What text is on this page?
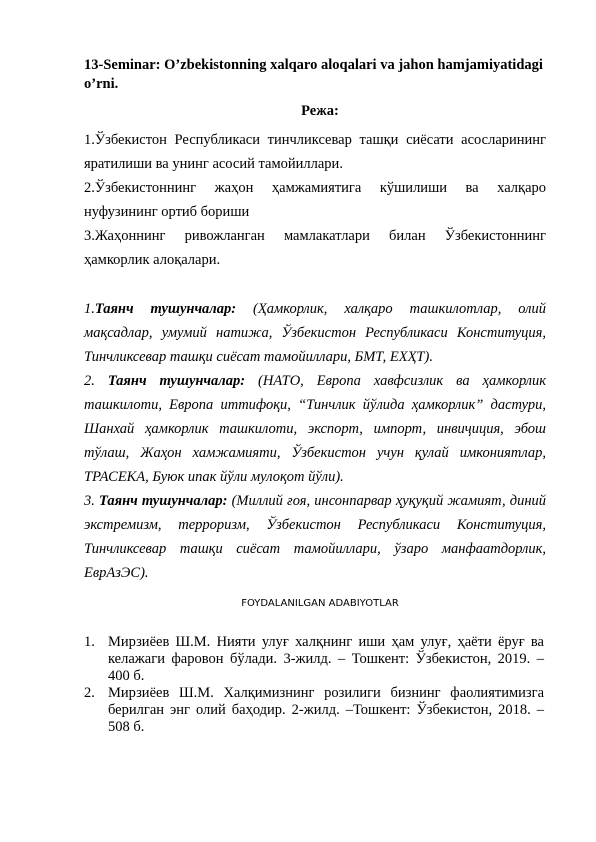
13-Seminar: O’zbekistonning xalqaro aloqalari va jahon hamjamiyatidagi o’rni.
Режа:

1.Ўзбекистон Республикаси тинчликсевар ташқи сиёсати асосларининг яратилиши ва унинг асосий тамойиллари.

2.Ўзбекистоннинг жаҳон ҳамжамиятига кўшилиши ва халқаро нуфузининг ортиб бориши

3.Жаҳоннинг ривожланган мамлакатлари билан Ўзбекистоннинг ҳамкорлик алоқалари.

1.Таянч тушунчалар: (Ҳамкорлик, халқаро ташкилотлар, олий мақсадлар, умумий натижа, Ўзбекистон Республикаси Конституция, Тинчликсевар ташқи сиёсат тамойиллари, БМТ, ЕХҲТ).

2. Таянч тушунчалар: (НАТО, Европа хавфсизлик ва ҳамкорлик ташкилоти, Европа иттифоқи, “Тинчлик йўлида ҳамкорлик” дастури, Шанхай ҳамкорлик ташкилоти, экспорт, импорт, инвиҷиция, эбош тўлаш, Жаҳон хамжамияти, Ўзбекистон учун қулай имкониятлар, ТРАСЕКА, Буюк ипак йўли мулоқот йўли).

3. Таянч тушунчалар: (Миллий ғоя, инсонпарвар ҳуқуқий жамият, диний экстремизм, терроризм, Ўзбекистон Республикаси Конституция, Тинчликсевар ташқи сиёсат тамойиллари, ўзаро манфаатдорлик, ЕврАзЭС).

FOYDALANILGAN ADABIYOTLAR
1. Мирзиёев Ш.М. Нияти улуғ халқнинг иши ҳам улуғ, ҳаёти ёруғ ва келажаги фаровон бўлади. 3-жилд. – Тошкент: Ўзбекистон, 2019. – 400 б.
2. Мирзиёев Ш.М. Халқимизнинг розилиги бизнинг фаолиятимизга берилган энг олий баҳодир. 2-жилд. –Тошкент: Ўзбекистон, 2018. – 508 б.
